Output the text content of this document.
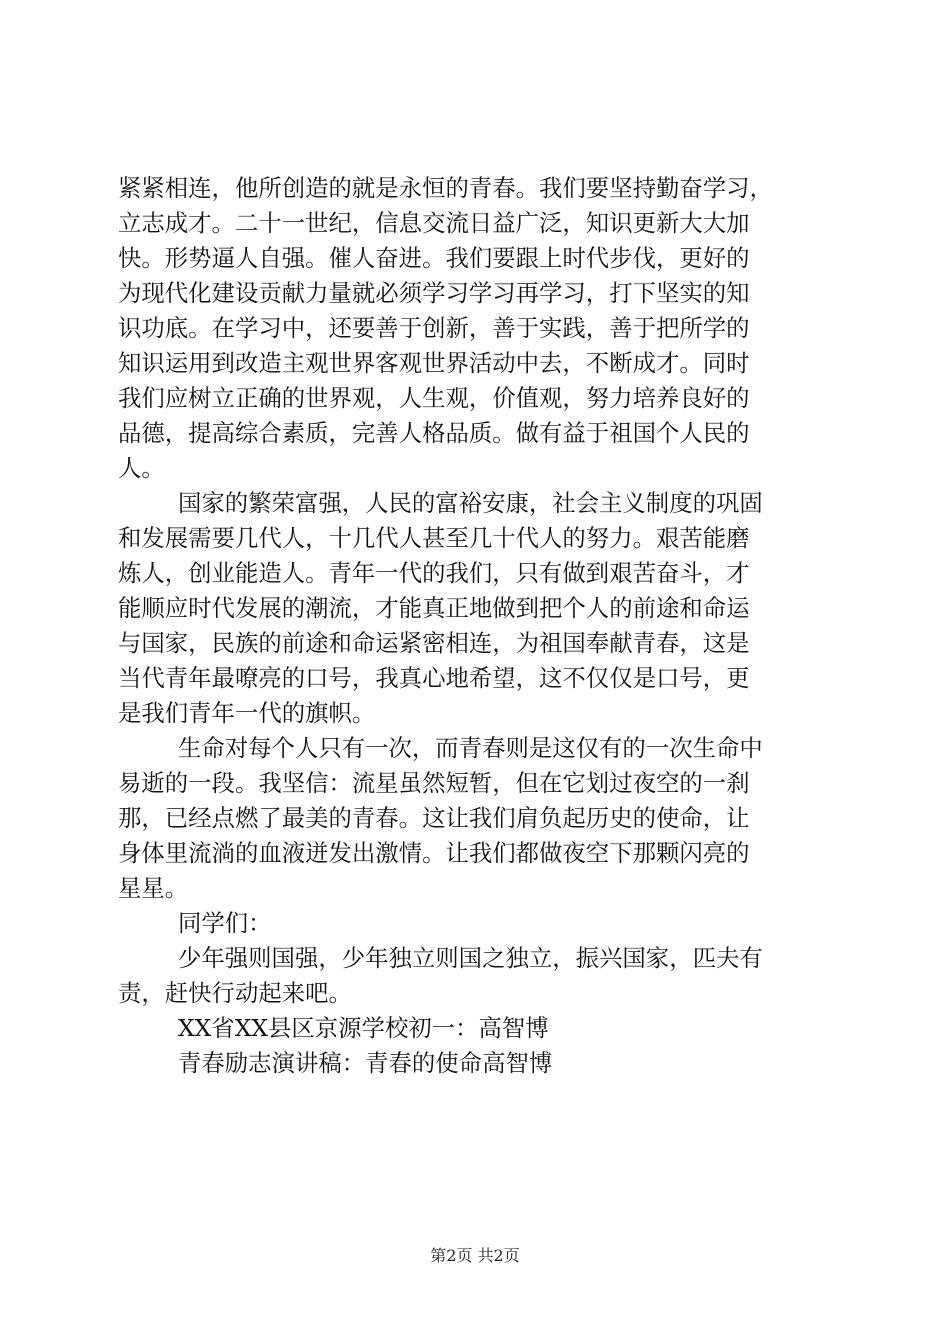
紧紧相连，他所创造的就是永恒的青春。我们要坚持勤奋学习，
立志成才。二十一世纪，信息交流日益广泛，知识更新大大加
快。形势逼人自强。催人奋进。我们要跟上时代步伐，更好的
为现代化建设贡献力量就必须学习学习再学习，打下坚实的知
识功底。在学习中，还要善于创新，善于实践，善于把所学的
知识运用到改造主观世界客观世界活动中去，不断成才。同时
我们应树立正确的世界观，人生观，价值观，努力培养良好的
品德，提高综合素质，完善人格品质。做有益于祖国个人民的
人。
国家的繁荣富强，人民的富裕安康，社会主义制度的巩固
和发展需要几代人，十几代人甚至几十代人的努力。艰苦能磨
炼人，创业能造人。青年一代的我们，只有做到艰苦奋斗，才
能顺应时代发展的潮流，才能真正地做到把个人的前途和命运
与国家，民族的前途和命运紧密相连，为祖国奉献青春，这是
当代青年最嘹亮的口号，我真心地希望，这不仅仅是口号，更
是我们青年一代的旗帜。
生命对每个人只有一次，而青春则是这仅有的一次生命中
易逝的一段。我坚信：流星虽然短暂，但在它划过夜空的一刹
那，已经点燃了最美的青春。这让我们肩负起历史的使命，让
身体里流淌的血液迸发出激情。让我们都做夜空下那颗闪亮的
星星。
同学们：
少年强则国强，少年独立则国之独立，振兴国家，匹夫有
责，赶快行动起来吧。
XX省XX县区京源学校初一：高智博
青春励志演讲稿：青春的使命高智博
第2页 共2页
